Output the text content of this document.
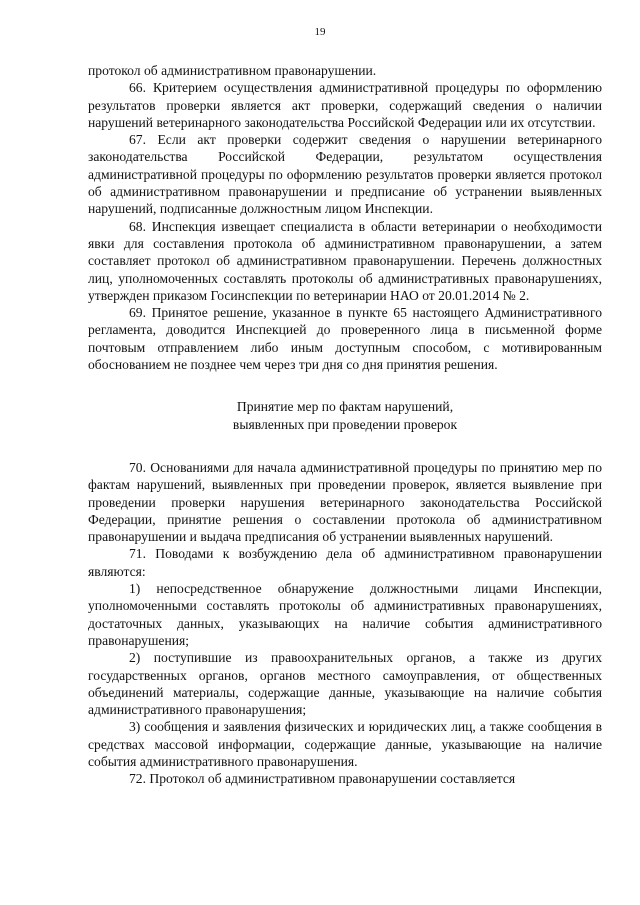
19

протокол об административном правонарушении.

66. Критерием осуществления административной процедуры по оформлению результатов проверки является акт проверки, содержащий сведения о наличии нарушений ветеринарного законодательства Российской Федерации или их отсутствии.

67. Если акт проверки содержит сведения о нарушении ветеринарного законодательства Российской Федерации, результатом осуществления административной процедуры по оформлению результатов проверки является протокол об административном правонарушении и предписание об устранении выявленных нарушений, подписанные должностным лицом Инспекции.

68. Инспекция извещает специалиста в области ветеринарии о необходимости явки для составления протокола об административном правонарушении, а затем составляет протокол об административном правонарушении. Перечень должностных лиц, уполномоченных составлять протоколы об административных правонарушениях, утвержден приказом Госинспекции по ветеринарии НАО от 20.01.2014 № 2.

69. Принятое решение, указанное в пункте 65 настоящего Административного регламента, доводится Инспекцией до проверенного лица в письменной форме почтовым отправлением либо иным доступным способом, с мотивированным обоснованием не позднее чем через три дня со дня принятия решения.

Принятие мер по фактам нарушений,
выявленных при проведении проверок

70. Основаниями для начала административной процедуры по принятию мер по фактам нарушений, выявленных при проведении проверок, является выявление при проведении проверки нарушения ветеринарного законодательства Российской Федерации, принятие решения о составлении протокола об административном правонарушении и выдача предписания об устранении выявленных нарушений.

71. Поводами к возбуждению дела об административном правонарушении являются:

1) непосредственное обнаружение должностными лицами Инспекции, уполномоченными составлять протоколы об административных правонарушениях, достаточных данных, указывающих на наличие события административного правонарушения;

2) поступившие из правоохранительных органов, а также из других государственных органов, органов местного самоуправления, от общественных объединений материалы, содержащие данные, указывающие на наличие события административного правонарушения;

3) сообщения и заявления физических и юридических лиц, а также сообщения в средствах массовой информации, содержащие данные, указывающие на наличие события административного правонарушения.

72. Протокол об административном правонарушении составляется
